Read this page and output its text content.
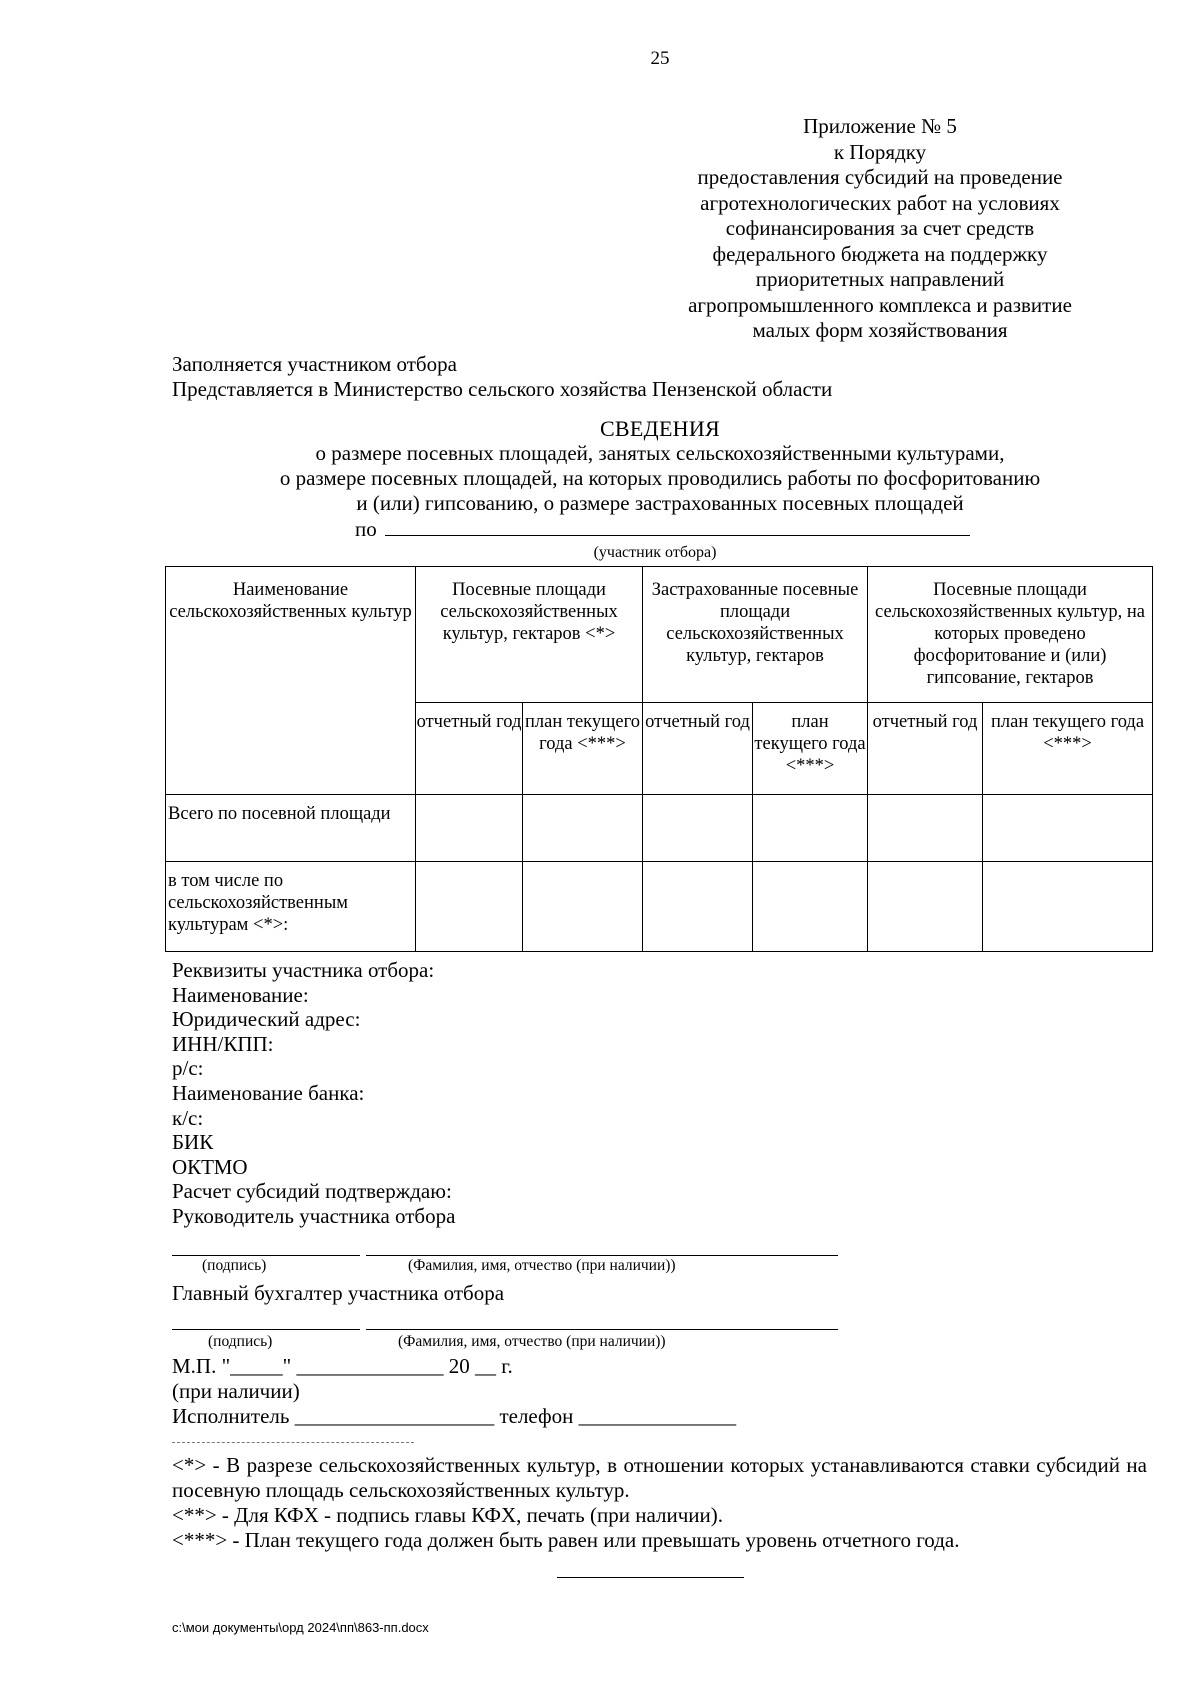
25
Приложение № 5
к Порядку
предоставления субсидий на проведение
агротехнологических работ на условиях
софинансирования за счет средств
федерального бюджета на поддержку
приоритетных направлений
агропромышленного комплекса и развитие
малых форм хозяйствования
Заполняется участником отбора
Представляется в Министерство сельского хозяйства Пензенской области
СВЕДЕНИЯ
о размере посевных площадей, занятых сельскохозяйственными культурами,
о размере посевных площадей, на которых проводились работы по фосфоритованию
и (или) гипсованию, о размере застрахованных посевных площадей
по
(участник отбора)
Наименование сельскохозяйственных культур	Посевные площади сельскохозяйственных культур, гектаров <*>		Застрахованные посевные площади сельскохозяйственных культур, гектаров		Посевные площади сельскохозяйственных культур, на которых проведено фосфоритование и (или) гипсование, гектаров	

	отчетный год	план текущего года <***>	отчетный год	план текущего года <***>	отчетный год	план текущего года <***>

Всего по посевной площади						

в том числе по сельскохозяйственным культурам <*>:						

Реквизиты участника отбора:
Наименование:
Юридический адрес:
ИНН/КПП:
р/с:
Наименование банка:
к/с:
БИК
ОКТМО
Расчет субсидий подтверждаю:
Руководитель участника отбора
(подпись)	(Фамилия, имя, отчество (при наличии))
Главный бухгалтер участника отбора
(подпись)	(Фамилия, имя, отчество (при наличии))
М.П. "_____" ______________ 20 __ г.
(при наличии)
Исполнитель ___________________ телефон _______________

<*> - В разрезе сельскохозяйственных культур, в отношении которых устанавливаются ставки субсидий на посевную площадь сельскохозяйственных культур.

<**> - Для КФХ - подпись главы КФХ, печать (при наличии).

<***> - План текущего года должен быть равен или превышать уровень отчетного года.

c:\мои документы\орд 2024\пп\863-пп.docx
